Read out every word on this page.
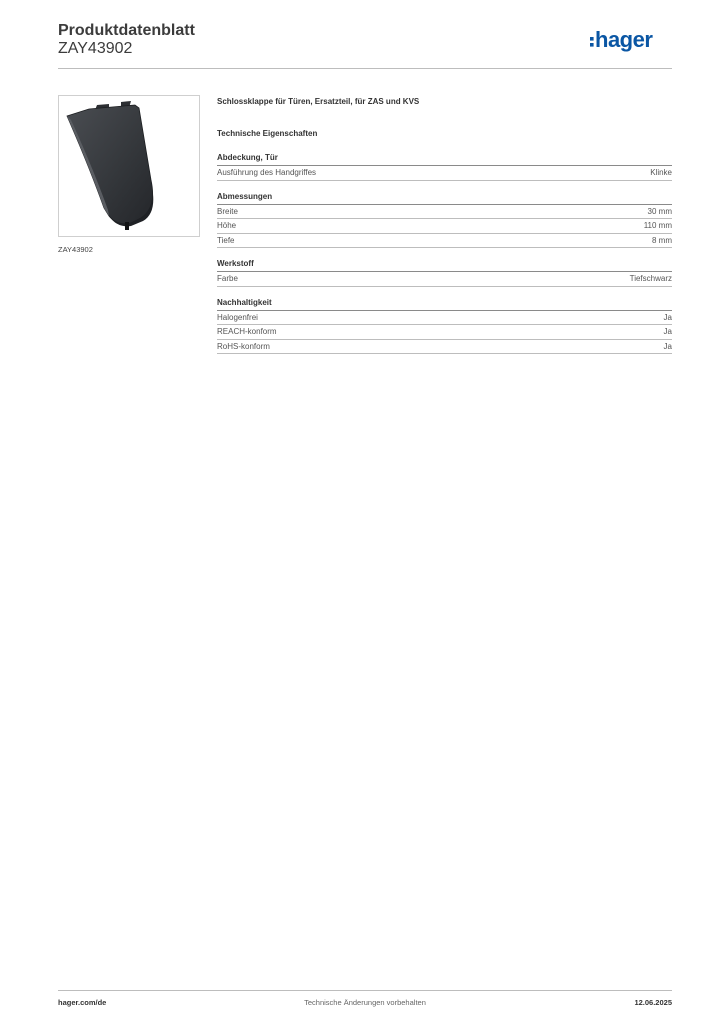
Produktdatenblatt
ZAY43902	hager
ZAY43902
Schlossklappe für Türen, Ersatzteil, für ZAS und KVS
Technische Eigenschaften
Abdeckung, Tür
Ausführung des Handgriffes	Klinke
Abmessungen
Breite	30 mm
Höhe	110 mm
Tiefe	8 mm
Werkstoff
Farbe	Tiefschwarz
Nachhaltigkeit
Halogenfrei	Ja
REACH-konform	Ja
RoHS-konform	Ja
hager.com/de	Technische Änderungen vorbehalten	12.06.2025
